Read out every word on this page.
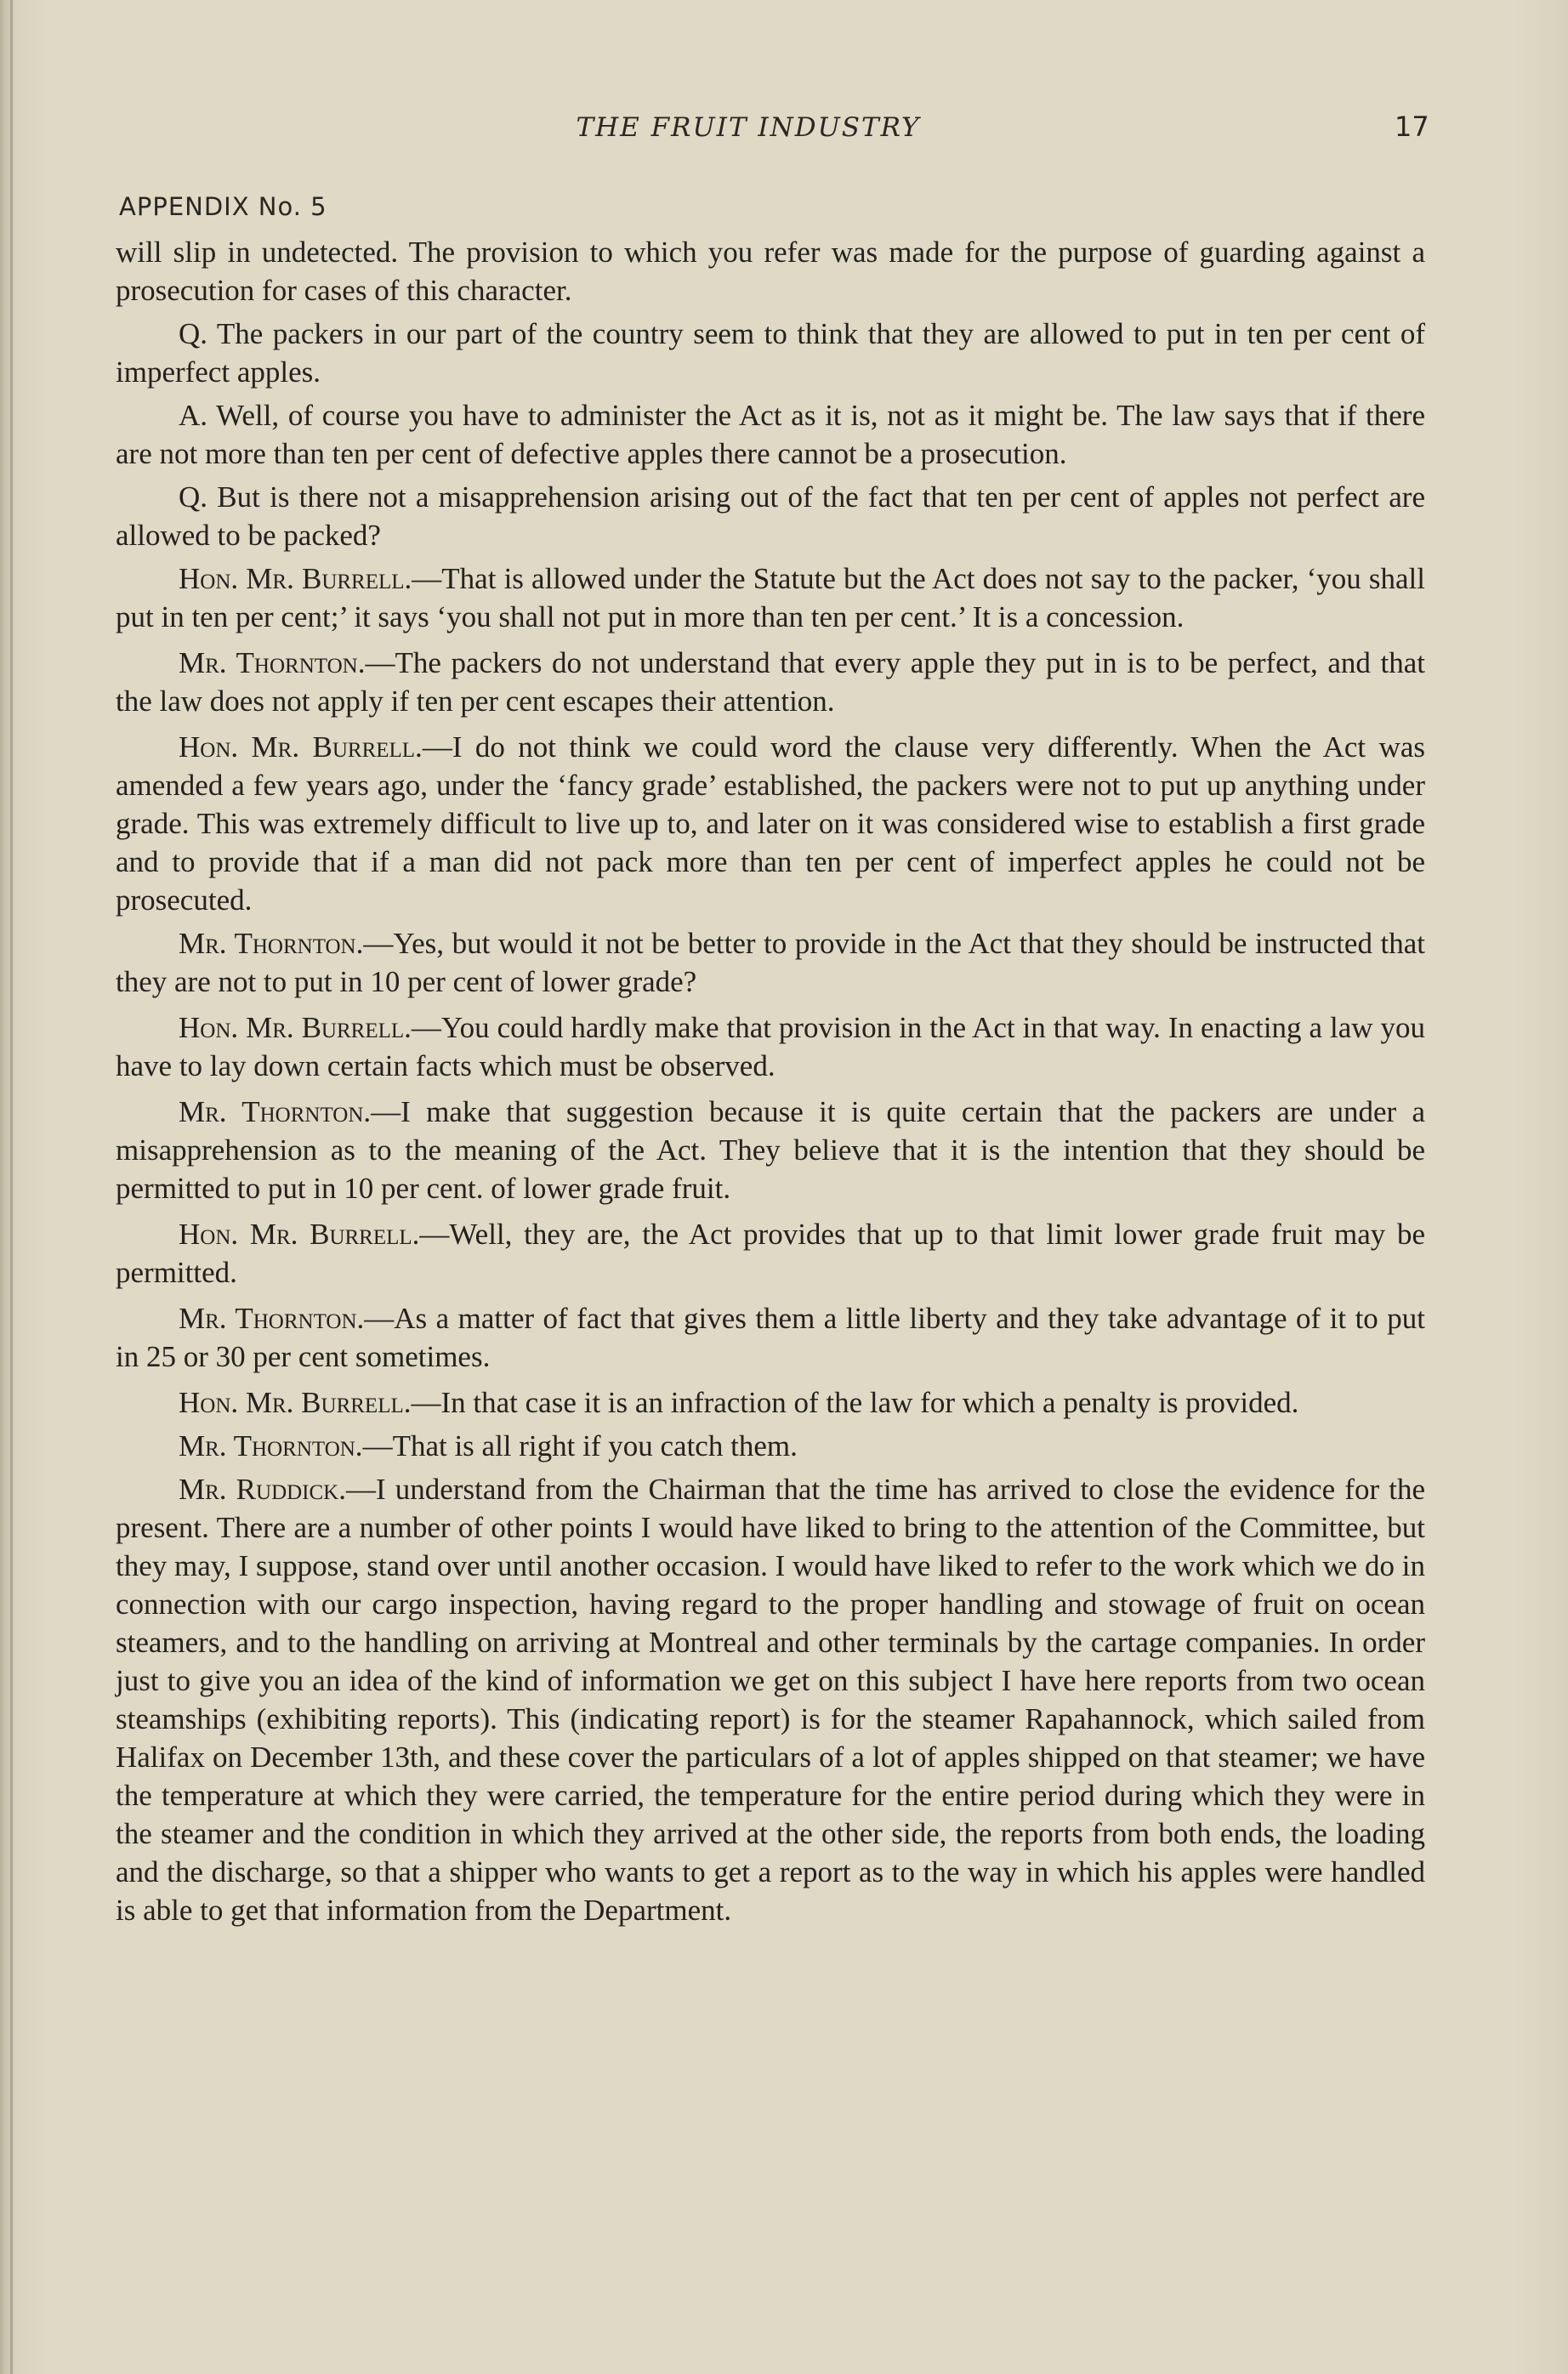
THE FRUIT INDUSTRY	17
APPENDIX No. 5

will slip in undetected. The provision to which you refer was made for the purpose of guarding against a prosecution for cases of this character.

Q. The packers in our part of the country seem to think that they are allowed to put in ten per cent of imperfect apples.

A. Well, of course you have to administer the Act as it is, not as it might be. The law says that if there are not more than ten per cent of defective apples there cannot be a prosecution.

Q. But is there not a misapprehension arising out of the fact that ten per cent of apples not perfect are allowed to be packed?

Hon. Mr. Burrell.—That is allowed under the Statute but the Act does not say to the packer, ‘you shall put in ten per cent;’ it says ‘you shall not put in more than ten per cent.’ It is a concession.

Mr. Thornton.—The packers do not understand that every apple they put in is to be perfect, and that the law does not apply if ten per cent escapes their attention.

Hon. Mr. Burrell.—I do not think we could word the clause very differently. When the Act was amended a few years ago, under the ‘fancy grade’ established, the packers were not to put up anything under grade. This was extremely difficult to live up to, and later on it was considered wise to establish a first grade and to provide that if a man did not pack more than ten per cent of imperfect apples he could not be prosecuted.

Mr. Thornton.—Yes, but would it not be better to provide in the Act that they should be instructed that they are not to put in 10 per cent of lower grade?

Hon. Mr. Burrell.—You could hardly make that provision in the Act in that way. In enacting a law you have to lay down certain facts which must be observed.

Mr. Thornton.—I make that suggestion because it is quite certain that the packers are under a misapprehension as to the meaning of the Act. They believe that it is the intention that they should be permitted to put in 10 per cent. of lower grade fruit.

Hon. Mr. Burrell.—Well, they are, the Act provides that up to that limit lower grade fruit may be permitted.

Mr. Thornton.—As a matter of fact that gives them a little liberty and they take advantage of it to put in 25 or 30 per cent sometimes.

Hon. Mr. Burrell.—In that case it is an infraction of the law for which a penalty is provided.

Mr. Thornton.—That is all right if you catch them.

Mr. Ruddick.—I understand from the Chairman that the time has arrived to close the evidence for the present. There are a number of other points I would have liked to bring to the attention of the Committee, but they may, I suppose, stand over until another occasion. I would have liked to refer to the work which we do in connection with our cargo inspection, having regard to the proper handling and stowage of fruit on ocean steamers, and to the handling on arriving at Montreal and other terminals by the cartage companies. In order just to give you an idea of the kind of information we get on this subject I have here reports from two ocean steamships (exhibiting reports). This (indicating report) is for the steamer Rapahannock, which sailed from Halifax on December 13th, and these cover the particulars of a lot of apples shipped on that steamer; we have the temperature at which they were carried, the temperature for the entire period during which they were in the steamer and the condition in which they arrived at the other side, the reports from both ends, the loading and the discharge, so that a shipper who wants to get a report as to the way in which his apples were handled is able to get that information from the Department.
